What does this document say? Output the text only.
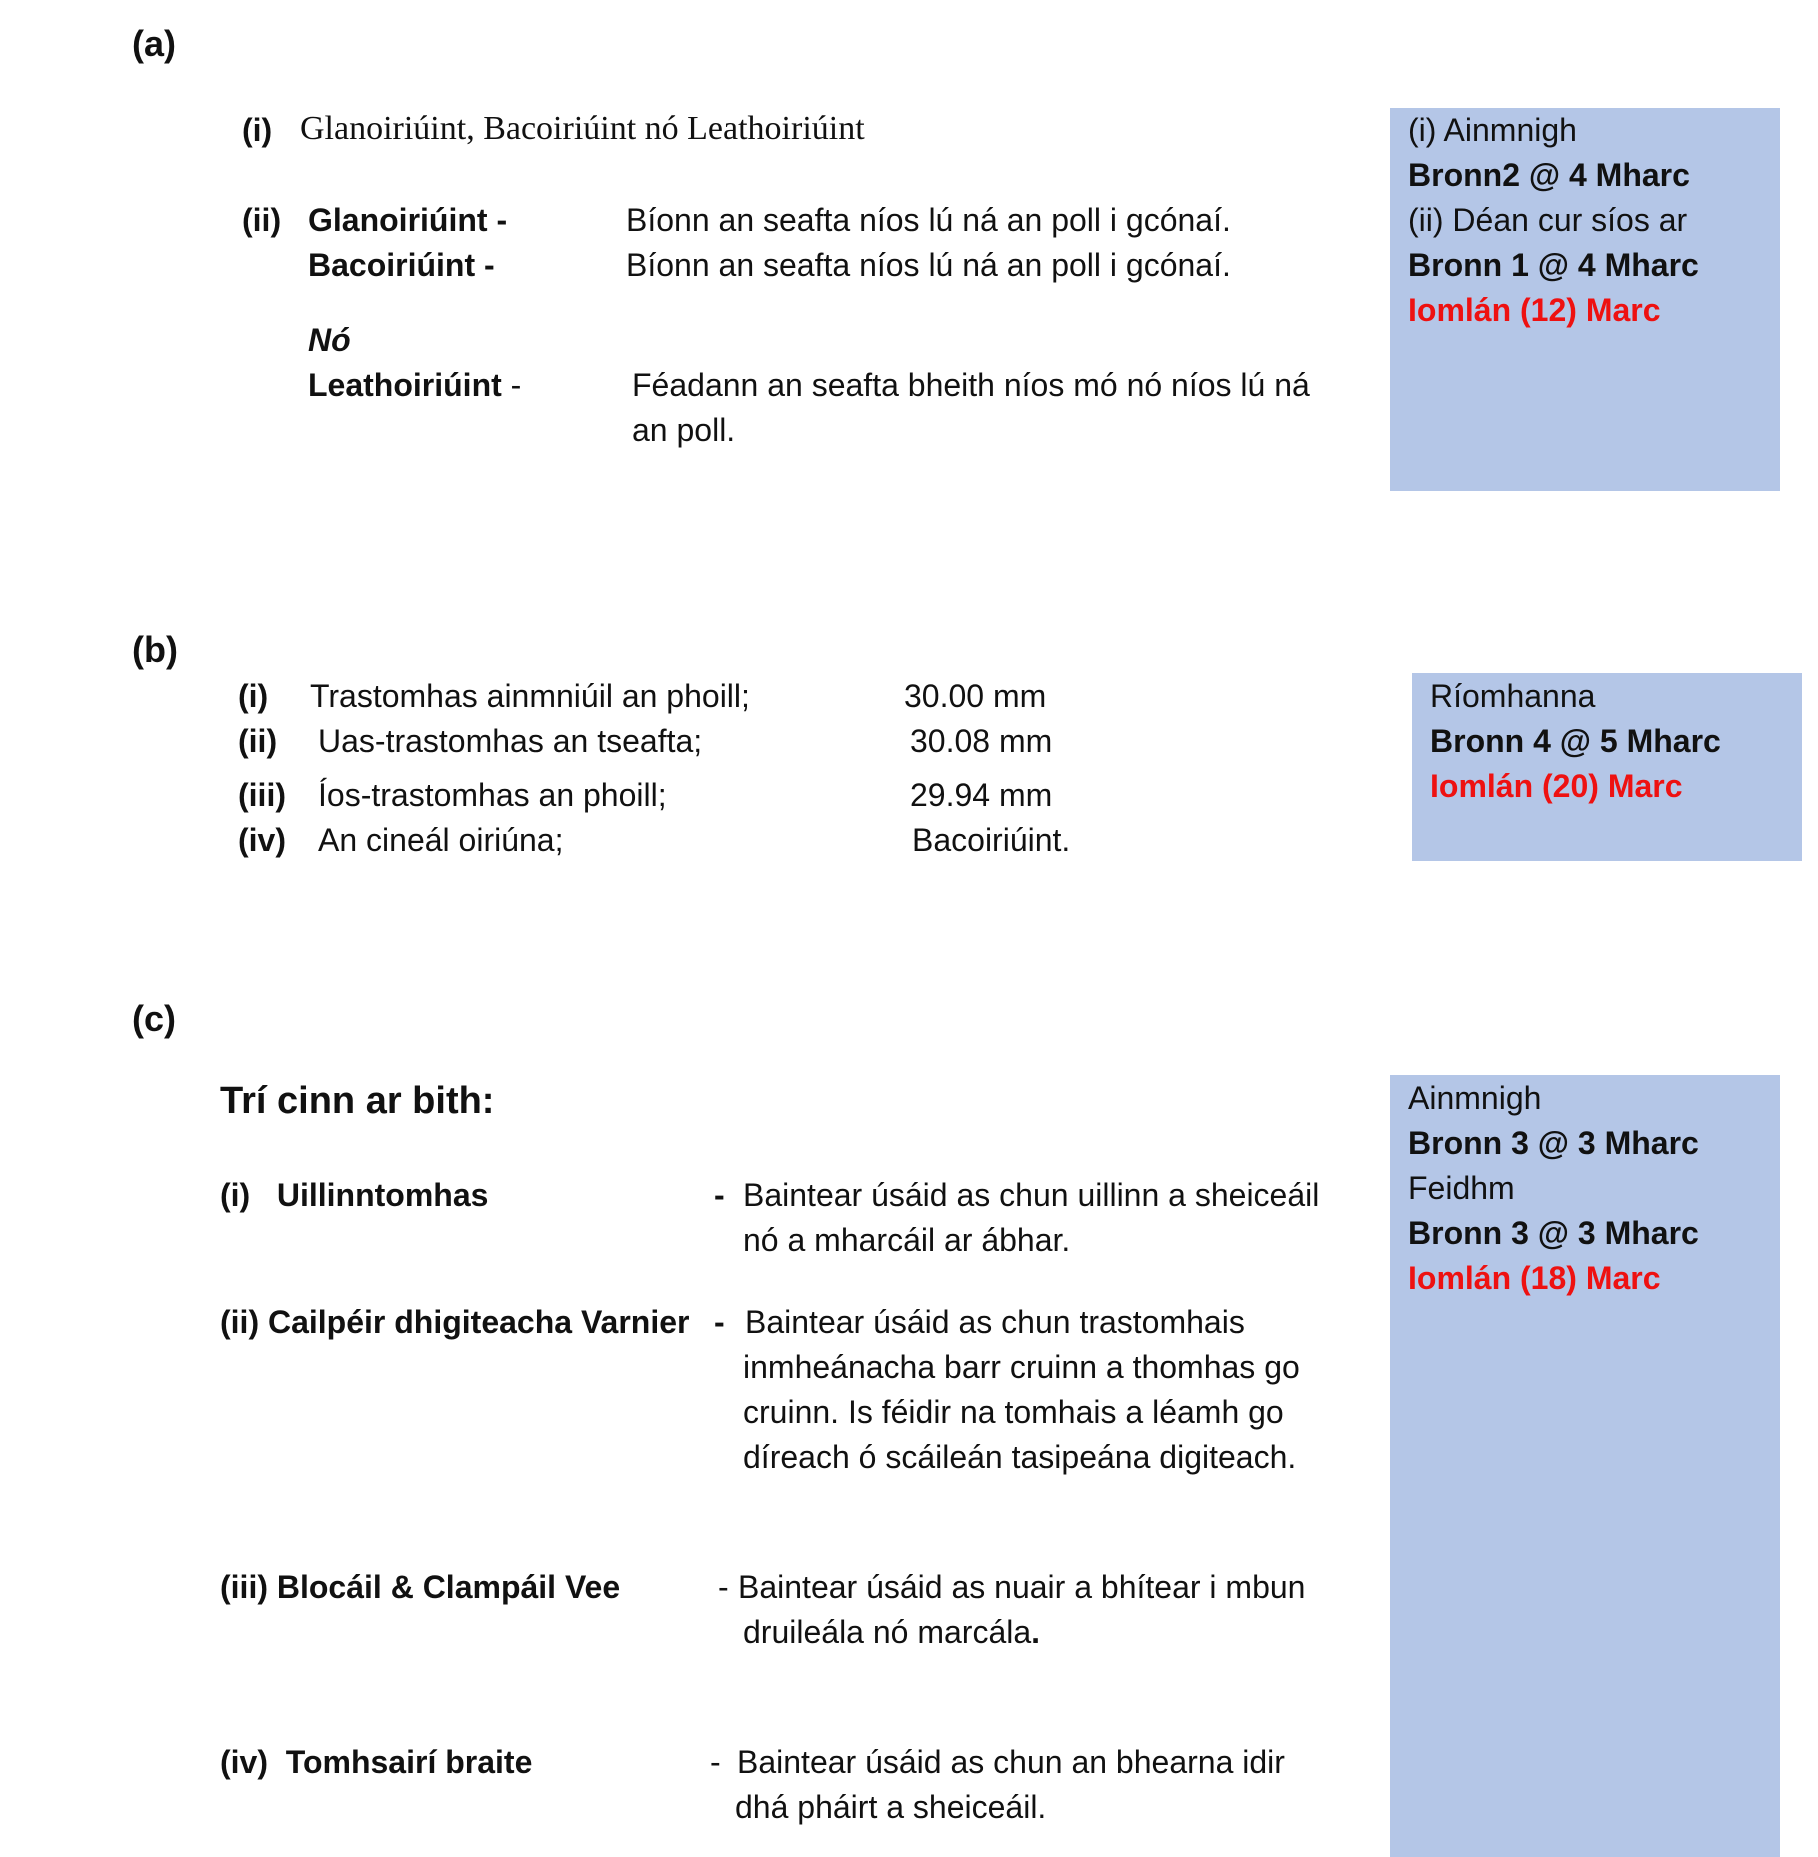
(a)
(i) Glanoiriúint, Bacoiriúint nó Leathoiriúint
(ii) Glanoiriúint -	Bíonn an seafta níos lú ná an poll i gcónaí.
Bacoiriúint -	Bíonn an seafta níos lú ná an poll i gcónaí.
Nó
Leathoiriúint -	Féadann an seafta bheith níos mó nó níos lú ná
an poll.
(i) Ainmnigh
Bronn2 @ 4 Mharc
(ii) Déan cur síos ar
Bronn 1 @ 4 Mharc
Iomlán (12) Marc
(b)
(i) Trastomhas ainmniúil an phoill;	30.00 mm
(ii) Uas-trastomhas an tseafta;	30.08 mm
(iii) Íos-trastomhas an phoill;	29.94 mm
(iv) An cineál oiriúna;	Bacoiriúint.
Ríomhanna
Bronn 4 @ 5 Mharc
Iomlán (20) Marc
(c)
Trí cinn ar bith:
(i) Uillinntomhas	- Baintear úsáid as chun uillinn a sheiceáil
nó a mharcáil ar ábhar.
(ii) Cailpéir dhigiteacha Varnier - Baintear úsáid as chun trastomhais
inmheánacha barr cruinn a thomhas go
cruinn. Is féidir na tomhais a léamh go
díreach ó scáileán tasipeána digiteach.
(iii) Blocáil & Clampáil Vee	- Baintear úsáid as nuair a bhítear i mbun
druileála nó marcála.
(iv) Tomhsairí braite	- Baintear úsáid as chun an bhearna idir
dhá pháirt a sheiceáil.
Ainmnigh
Bronn 3 @ 3 Mharc
Feidhm
Bronn 3 @ 3 Mharc
Iomlán (18) Marc
